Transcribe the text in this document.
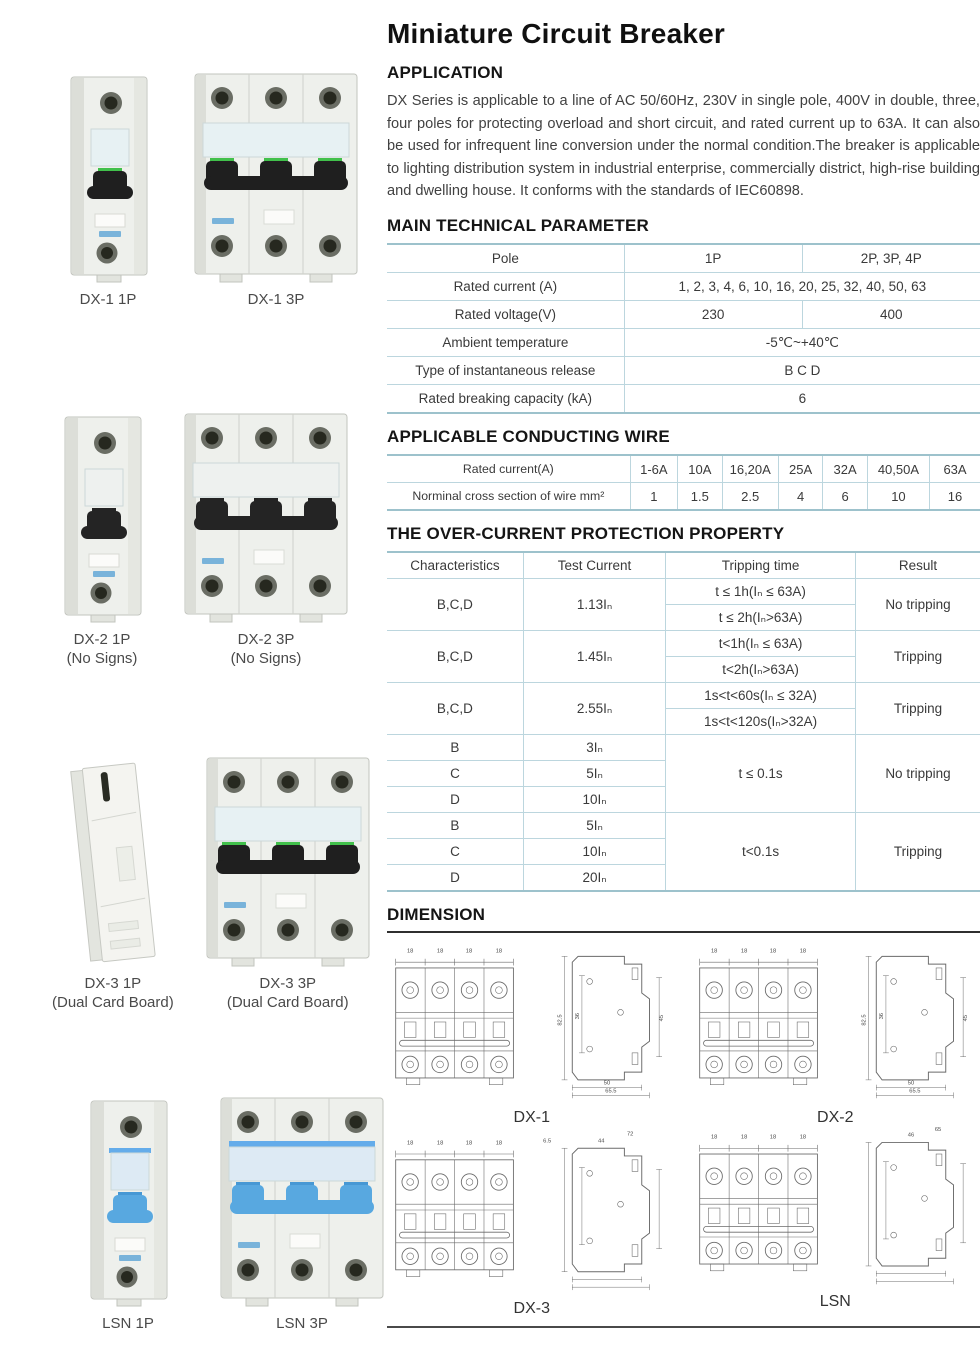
DX-1 1P	DX-1 3P
DX-2 1P
(No Signs)
DX-2 3P
(No Signs)
DX-3 1P
(Dual Card Board)
DX-3 3P
(Dual Card Board)
LSN 1P	LSN 3P
Miniature Circuit Breaker
APPLICATION

DX Series is applicable to a line of AC 50/60Hz, 230V in single pole, 400V in double, three, four poles for protecting overload and short circuit, and rated current up to 63A. It can also be used for infrequent line conversion under the normal condition.The breaker is applicable to lighting distribution system in industrial enterprise, commercially district, high-rise building and dwelling house. It conforms with the standards of IEC60898.

MAIN TECHNICAL PARAMETER
Pole	1P	2P, 3P, 4P
Rated current (A)	1, 2, 3, 4, 6, 10, 16, 20, 25, 32, 40, 50, 63	
Rated voltage(V)	230	400
Ambient temperature	-5℃~+40℃	
Type of instantaneous release	B C D	
Rated breaking capacity (kA)	6	
APPLICABLE CONDUCTING WIRE
Rated current(A)	1-6A	10A	16,20A	25A	32A	40,50A	63A
Norminal cross section of wire mm²	1	1.5	2.5	4	6	10	16
THE OVER-CURRENT PROTECTION PROPERTY
Characteristics	Test Current	Tripping time	Result
B,C,D	1.13Iₙ	t ≤ 1h(Iₙ ≤ 63A)	No tripping
		t ≤ 2h(Iₙ>63A)	
B,C,D	1.45Iₙ	t<1h(Iₙ ≤ 63A)	Tripping
		t<2h(Iₙ>63A)	
B,C,D	2.55Iₙ	1s<t<60s(Iₙ ≤ 32A)	Tripping
		1s<t<120s(Iₙ>32A)	
B	3Iₙ	t ≤ 0.1s	No tripping
C	5Iₙ		
D	10Iₙ		
B	5Iₙ	t<0.1s	Tripping
C	10Iₙ		
D	20Iₙ		
DIMENSION
18	18	18	18
82.5 36	45
50
65.5
DX-1
18	18	18	18
82.5 36	45
50
65.5
DX-2
18	18	18	18	6.5	44
72
DX-3
18	18	18	18	46
65
LSN
